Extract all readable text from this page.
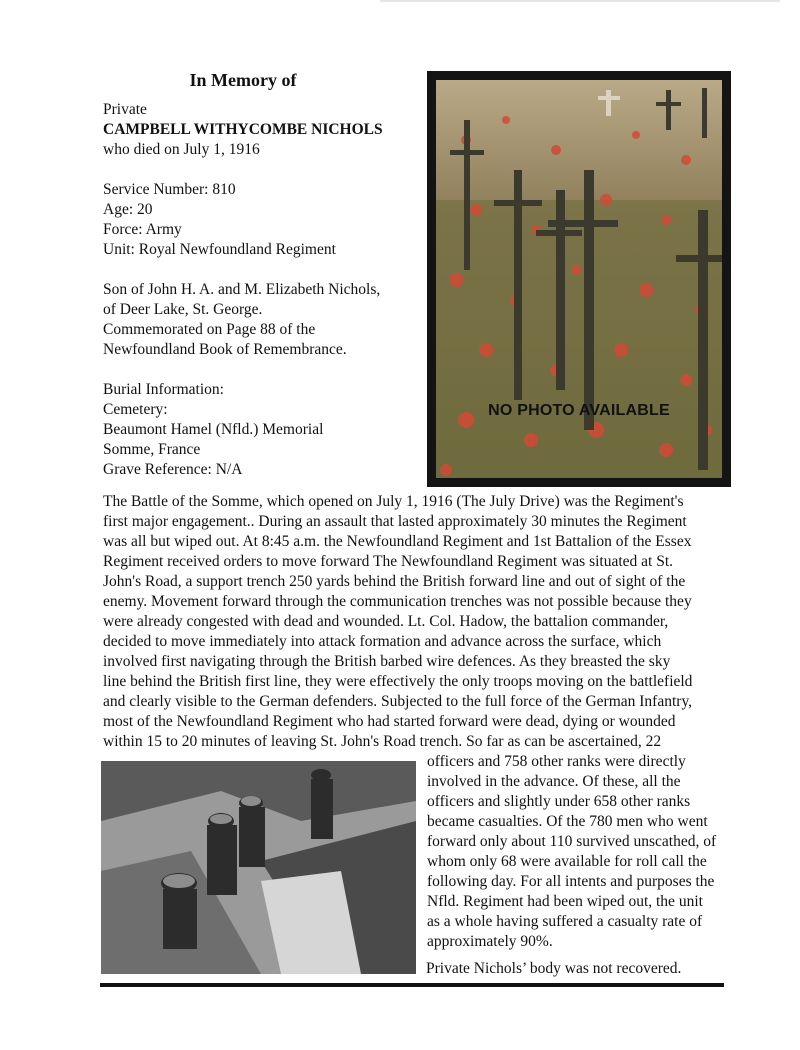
In Memory of
Private
CAMPBELL WITHYCOMBE NICHOLS
who died on July 1, 1916
Service Number: 810
Age: 20
Force: Army
Unit: Royal Newfoundland Regiment
Son of John H. A. and M. Elizabeth Nichols,
of Deer Lake, St. George.
Commemorated on Page 88 of the
Newfoundland Book of Remembrance.
Burial Information:
Cemetery:
Beaumont Hamel (Nfld.) Memorial
Somme, France
Grave Reference: N/A
NO PHOTO AVAILABLE
The Battle of the Somme, which opened on July 1, 1916 (The July Drive) was the Regiment's
first major engagement.. During an assault that lasted approximately 30 minutes the Regiment
was all but wiped out. At 8:45 a.m. the Newfoundland Regiment and 1st Battalion of the Essex
Regiment received orders to move forward The Newfoundland Regiment was situated at St.
John's Road, a support trench 250 yards behind the British forward line and out of sight of the
enemy. Movement forward through the communication trenches was not possible because they
were already congested with dead and wounded. Lt. Col. Hadow, the battalion commander,
decided to move immediately into attack formation and advance across the surface, which
involved first navigating through the British barbed wire defences. As they breasted the sky
line behind the British first line, they were effectively the only troops moving on the battlefield
and clearly visible to the German defenders. Subjected to the full force of the German Infantry,
most of the Newfoundland Regiment who had started forward were dead, dying or wounded
within 15 to 20 minutes of leaving St. John's Road trench. So far as can be ascertained, 22
officers and 758 other ranks were directly
involved in the advance. Of these, all the
officers and slightly under 658 other ranks
became casualties. Of the 780 men who went
forward only about 110 survived unscathed, of
whom only 68 were available for roll call the
following day. For all intents and purposes the
Nfld. Regiment had been wiped out, the unit
as a whole having suffered a casualty rate of
approximately 90%.
Private Nichols’ body was not recovered.
